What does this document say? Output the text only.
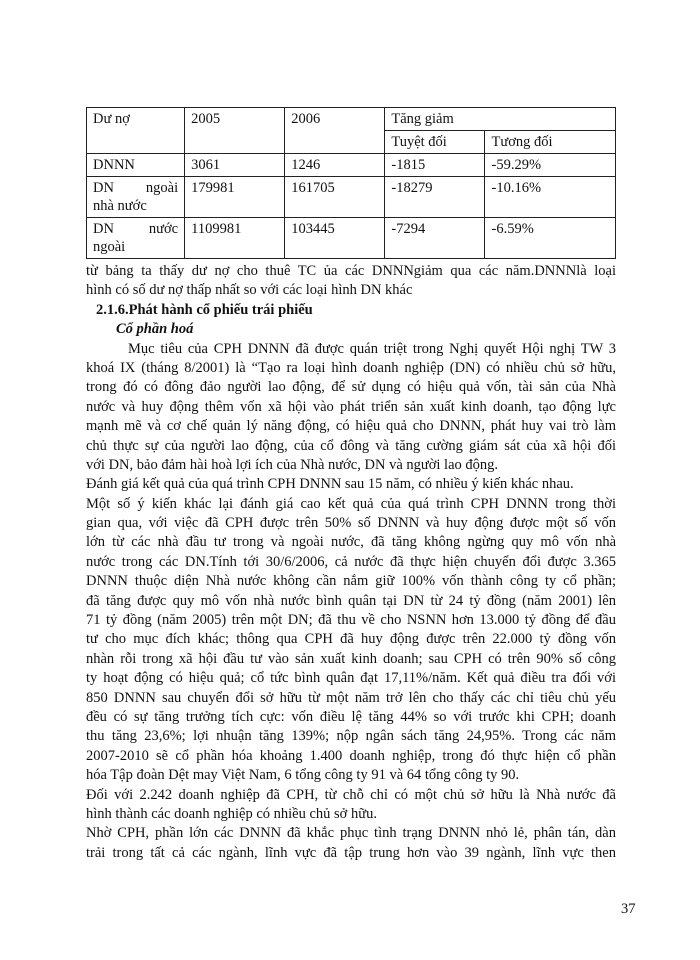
Dư nợ	2005	2006	Tăng giảm	
			Tuyệt đối	Tương đối
DNNN	3061	1246	-1815	-59.29%

DN ngoài
nhà nước	179981	161705	-18279	-10.16%

DN nước
ngoài	1109981	103445	-7294	-6.59%
từ bảng ta thấy dư nợ cho thuê TC ủa các DNNNgiảm qua các năm.DNNNlà loại
hình có số dư nợ thấp nhất so với các loại hình DN khác
2.1.6.Phát hành cổ phiếu trái phiếu
Cổ phần hoá
Mục tiêu của CPH DNNN đã được quán triệt trong Nghị quyết Hội nghị TW 3
khoá IX (tháng 8/2001) là “Tạo ra loại hình doanh nghiệp (DN) có nhiều chủ sở hữu,
trong đó có đông đảo người lao động, để sử dụng có hiệu quả vốn, tài sản của Nhà
nước và huy động thêm vốn xã hội vào phát triển sản xuất kinh doanh, tạo động lực
mạnh mẽ và cơ chế quản lý năng động, có hiệu quả cho DNNN, phát huy vai trò làm
chủ thực sự của người lao động, của cổ đông và tăng cường giám sát của xã hội đối
với DN, bảo đảm hài hoà lợi ích của Nhà nước, DN và người lao động.
Đánh giá kết quả của quá trình CPH DNNN sau 15 năm, có nhiều ý kiến khác nhau.
Một số ý kiến khác lại đánh giá cao kết quả của quá trình CPH DNNN trong thời
gian qua, với việc đã CPH được trên 50% số DNNN và huy động được một số vốn
lớn từ các nhà đầu tư trong và ngoài nước, đã tăng không ngừng quy mô vốn nhà
nước trong các DN.Tính tới 30/6/2006, cả nước đã thực hiện chuyển đổi được 3.365
DNNN thuộc diện Nhà nước không cần nắm giữ 100% vốn thành công ty cổ phần;
đã tăng được quy mô vốn nhà nước bình quân tại DN từ 24 tỷ đồng (năm 2001) lên
71 tỷ đồng (năm 2005) trên một DN; đã thu về cho NSNN hơn 13.000 tỷ đồng để đầu
tư cho mục đích khác; thông qua CPH đã huy động được trên 22.000 tỷ đồng vốn
nhàn rỗi trong xã hội đầu tư vào sản xuất kinh doanh; sau CPH có trên 90% số công
ty hoạt động có hiệu quả; cổ tức bình quân đạt 17,11%/năm. Kết quả điều tra đối với
850 DNNN sau chuyển đổi sở hữu từ một năm trở lên cho thấy các chỉ tiêu chủ yếu
đều có sự tăng trưởng tích cực: vốn điều lệ tăng 44% so với trước khi CPH; doanh
thu tăng 23,6%; lợi nhuận tăng 139%; nộp ngân sách tăng 24,95%. Trong các năm
2007-2010 sẽ cổ phần hóa khoảng 1.400 doanh nghiệp, trong đó thực hiện cổ phần
hóa Tập đoàn Dệt may Việt Nam, 6 tổng công ty 91 và 64 tổng công ty 90.
Đối với 2.242 doanh nghiệp đã CPH, từ chỗ chỉ có một chủ sở hữu là Nhà nước đã
hình thành các doanh nghiệp có nhiều chủ sở hữu.
Nhờ CPH, phần lớn các DNNN đã khắc phục tình trạng DNNN nhỏ lẻ, phân tán, dàn
trải trong tất cả các ngành, lĩnh vực đã tập trung hơn vào 39 ngành, lĩnh vực then
37
